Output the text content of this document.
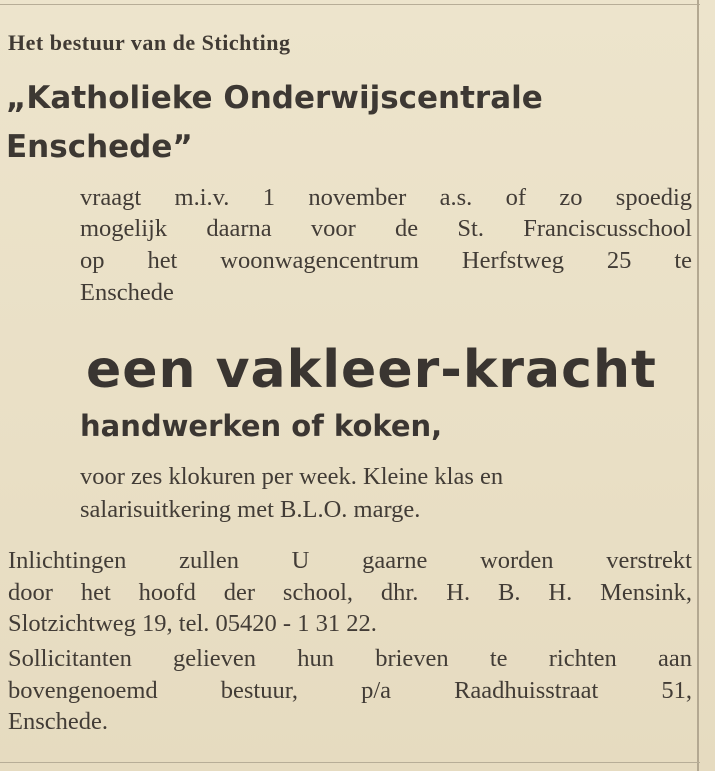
Het bestuur van de Stichting

„Katholieke Onderwijscentrale

Enschede”

vraagt m.i.v. 1 november a.s. of zo spoedig

mogelijk daarna voor de St. Franciscusschool

op het woonwagencentrum Herfstweg 25 te

Enschede

een vakleer-kracht

handwerken of koken,

voor zes klokuren per week. Kleine klas en

salarisuitkering met B.L.O. marge.

Inlichtingen zullen U gaarne worden verstrekt

door het hoofd der school, dhr. H. B. H. Mensink,

Slotzichtweg 19, tel. 05420 - 1 31 22.

Sollicitanten gelieven hun brieven te richten aan

bovengenoemd bestuur, p/a Raadhuisstraat 51,

Enschede.
